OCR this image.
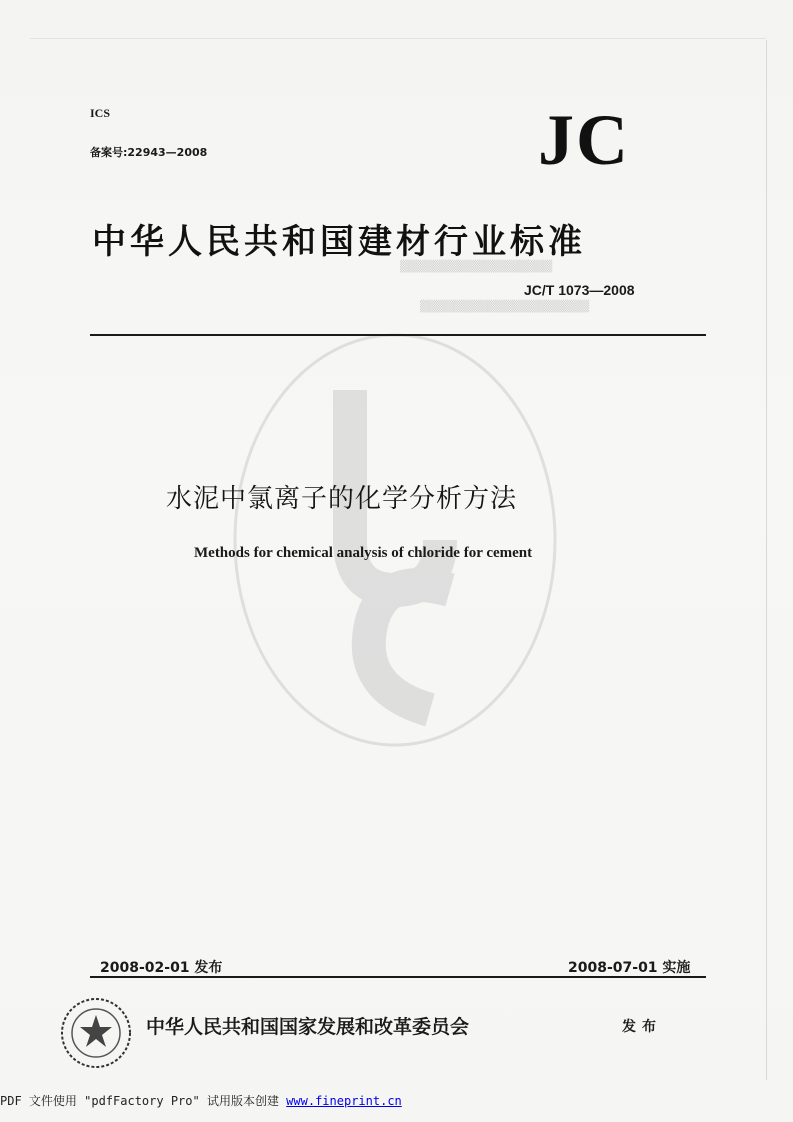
ICS
备案号:22943—2008	JC
中华人民共和国建材行业标准
▒▒▒▒▒▒▒▒▒▒▒▒▒▒▒▒▒▒
▒▒▒▒▒▒▒▒▒▒▒▒▒▒▒▒▒▒▒▒
JC/T 1073—2008
水泥中氯离子的化学分析方法
Methods for chemical analysis of chloride for cement
2008-02-01 发布	2008-07-01 实施
中华人民共和国国家发展和改革委员会	发布
PDF 文件使用 "pdfFactory Pro" 试用版本创建 www.fineprint.cn
